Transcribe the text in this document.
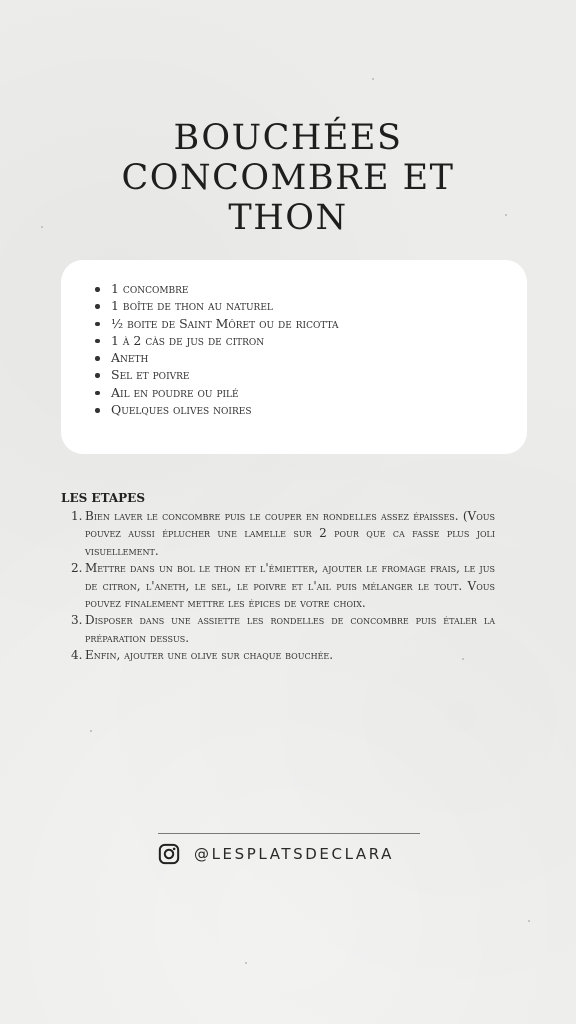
BOUCHÉES
CONCOMBRE ET
THON
1 concombre
1 boîte de thon au naturel
½ boite de Saint Môret ou de ricotta
1 à 2 càs de jus de citron
Aneth
Sel et poivre
Ail en poudre ou pilé
Quelques olives noires
LES ETAPES
1. Bien laver le concombre puis le couper en rondelles assez épaisses. (Vous pouvez aussi éplucher une lamelle sur 2 pour que ca fasse plus joli visuellement.
2. Mettre dans un bol le thon et l'émietter, ajouter le fromage frais, le jus de citron, l'aneth, le sel, le poivre et l'ail puis mélanger le tout. Vous pouvez finalement mettre les épices de votre choix.
3. Disposer dans une assiette les rondelles de concombre puis étaler la préparation dessus.
4. Enfin, ajouter une olive sur chaque bouchée.
@LESPLATSDECLARA
